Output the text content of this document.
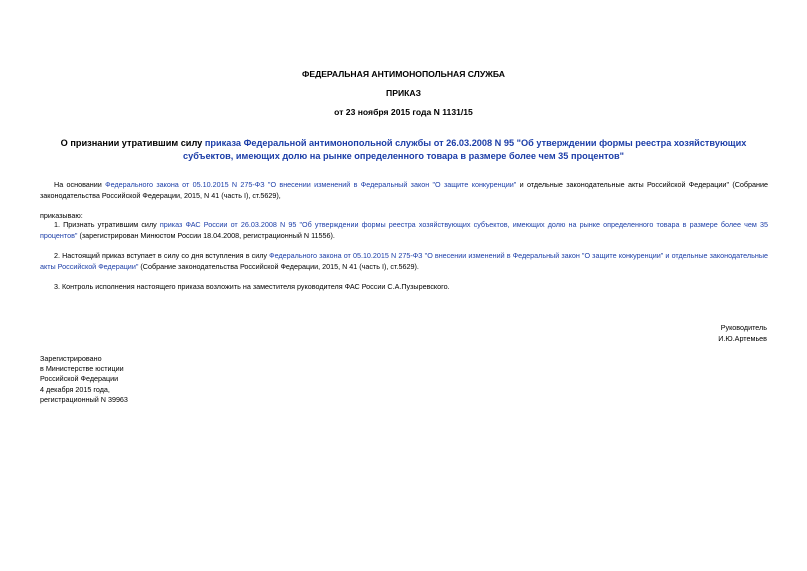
ФЕДЕРАЛЬНАЯ АНТИМОНОПОЛЬНАЯ СЛУЖБА
ПРИКАЗ
от 23 ноября 2015 года N 1131/15
О признании утратившим силу приказа Федеральной антимонопольной службы от 26.03.2008 N 95 "Об утверждении формы реестра хозяйствующих субъектов, имеющих долю на рынке определенного товара в размере более чем 35 процентов"
На основании Федерального закона от 05.10.2015 N 275-ФЗ "О внесении изменений в Федеральный закон "О защите конкуренции" и отдельные законодательные акты Российской Федерации" (Собрание законодательства Российской Федерации, 2015, N 41 (часть I), ст.5629),
приказываю:
1. Признать утратившим силу приказ ФАС России от 26.03.2008 N 95 "Об утверждении формы реестра хозяйствующих субъектов, имеющих долю на рынке определенного товара в размере более чем 35 процентов" (зарегистрирован Минюстом России 18.04.2008, регистрационный N 11556).
2. Настоящий приказ вступает в силу со дня вступления в силу Федерального закона от 05.10.2015 N 275-ФЗ "О внесении изменений в Федеральный закон "О защите конкуренции" и отдельные законодательные акты Российской Федерации" (Собрание законодательства Российской Федерации, 2015, N 41 (часть I), ст.5629).
3. Контроль исполнения настоящего приказа возложить на заместителя руководителя ФАС России С.А.Пузыревского.
Руководитель
И.Ю.Артемьев
Зарегистрировано
в Министерстве юстиции
Российской Федерации
4 декабря 2015 года,
регистрационный N 39963
